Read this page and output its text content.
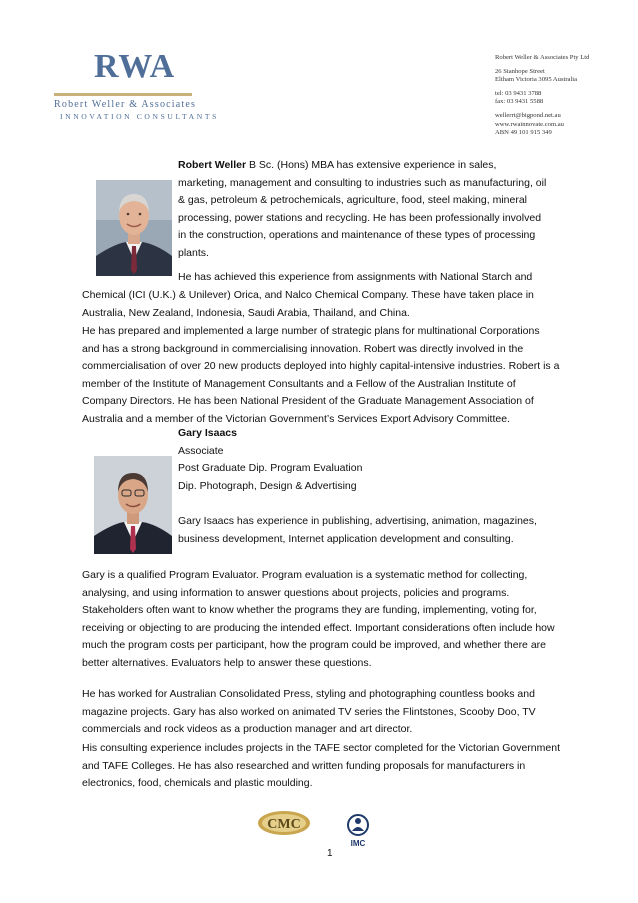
RWA
Robert Weller & Associates
INNOVATION CONSULTANTS
Robert Weller & Associates Pty Ltd
26 Stanhope Street
Eltham Victoria 3095 Australia
tel: 03 9431 3788
fax: 03 9431 5588
wellerrt@bigpond.net.au
www.rwainnovate.com.au
ABN 49 101 915 349

Robert Weller B Sc. (Hons) MBA has extensive experience in sales, marketing, management and consulting to industries such as manufacturing, oil & gas, petroleum & petrochemicals, agriculture, food, steel making, mineral processing, power stations and recycling. He has been professionally involved in the construction, operations and maintenance of these types of processing plants.

He has achieved this experience from assignments with National Starch and
Chemical (ICI (U.K.) & Unilever) Orica, and Nalco Chemical Company. These have taken place in Australia, New Zealand, Indonesia, Saudi Arabia, Thailand, and China.
He has prepared and implemented a large number of strategic plans for multinational Corporations and has a strong background in commercialising innovation. Robert was directly involved in the commercialisation of over 20 new products deployed into highly capital-intensive industries. Robert is a member of the Institute of Management Consultants and a Fellow of the Australian Institute of Company Directors. He has been National President of the Graduate Management Association of Australia and a member of the Victorian Government’s Services Export Advisory Committee.
Gary Isaacs
Associate
Post Graduate Dip. Program Evaluation
Dip. Photograph, Design & Advertising
Gary Isaacs has experience in publishing, advertising, animation, magazines, business development, Internet application development and consulting.
Gary is a qualified Program Evaluator. Program evaluation is a systematic method for collecting, analysing, and using information to answer questions about projects, policies and programs. Stakeholders often want to know whether the programs they are funding, implementing, voting for, receiving or objecting to are producing the intended effect. Important considerations often include how much the program costs per participant, how the program could be improved, and whether there are better alternatives. Evaluators help to answer these questions.
He has worked for Australian Consolidated Press, styling and photographing countless books and magazine projects. Gary has also worked on animated TV series the Flintstones, Scooby Doo, TV commercials and rock videos as a production manager and art director.
His consulting experience includes projects in the TAFE sector completed for the Victorian Government and TAFE Colleges. He has also researched and written funding proposals for manufacturers in electronics, food, chemicals and plastic moulding.
CMC
IMC
1
